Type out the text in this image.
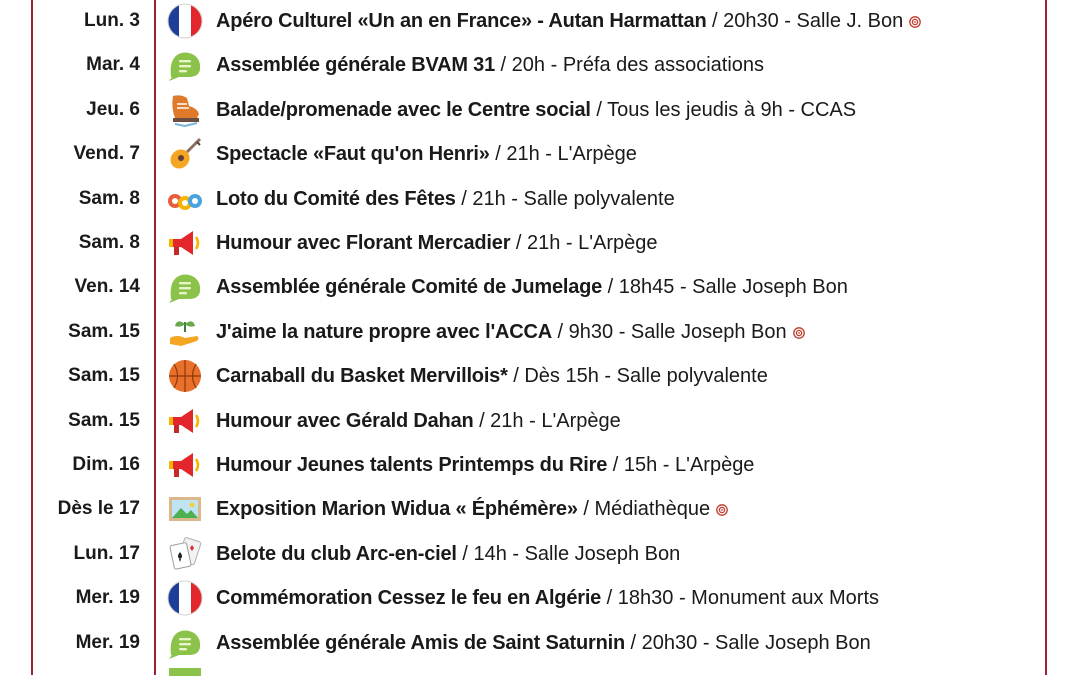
Lun. 3	Apéro Culturel «Un an en France» - Autan Harmattan / 20h30 - Salle J. Bon
Mar. 4	Assemblée générale BVAM 31 / 20h - Préfa des associations
Jeu. 6	Balade/promenade avec le Centre social / Tous les jeudis à 9h - CCAS
Vend. 7	Spectacle «Faut qu'on Henri» / 21h - L'Arpège
Sam. 8	Loto du Comité des Fêtes / 21h - Salle polyvalente
Sam. 8	Humour avec Florant Mercadier / 21h - L'Arpège
Ven. 14	Assemblée générale Comité de Jumelage / 18h45 - Salle Joseph Bon
Sam. 15	J'aime la nature propre avec l'ACCA / 9h30 - Salle Joseph Bon
Sam. 15	Carnaball du Basket Mervillois* / Dès 15h - Salle polyvalente
Sam. 15	Humour avec Gérald Dahan / 21h - L'Arpège
Dim. 16	Humour Jeunes talents Printemps du Rire / 15h - L'Arpège
Dès le 17	Exposition Marion Widua « Éphémère» / Médiathèque
Lun. 17	Belote du club Arc-en-ciel / 14h - Salle Joseph Bon
Mer. 19	Commémoration Cessez le feu en Algérie / 18h30 - Monument aux Morts
Mer. 19	Assemblée générale Amis de Saint Saturnin / 20h30 - Salle Joseph Bon
